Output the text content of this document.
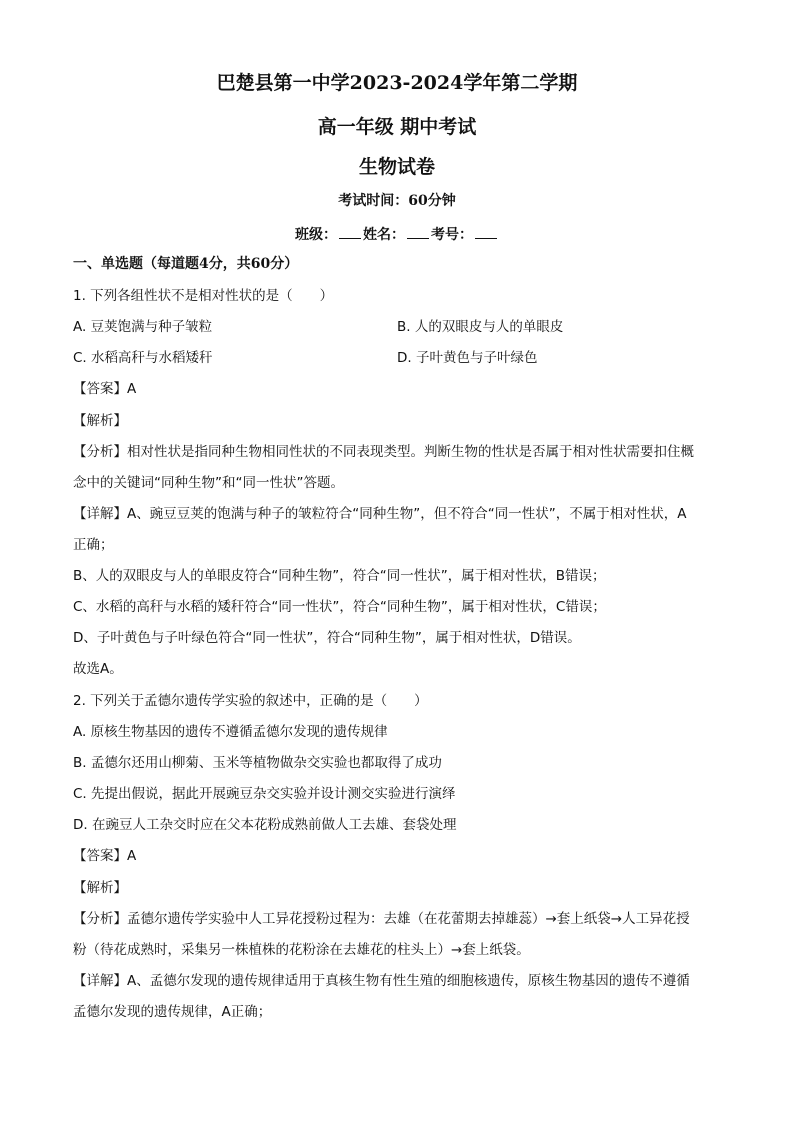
巴楚县第一中学2023-2024学年第二学期
高一年级 期中考试
生物试卷
考试时间：60分钟
班级： 姓名： 考号：
一、单选题（每道题4分，共60分）
1. 下列各组性状不是相对性状的是（　　）
A. 豆荚饱满与种子皱粒	B. 人的双眼皮与人的单眼皮
C. 水稻高秆与水稻矮秆	D. 子叶黄色与子叶绿色
【答案】A
【解析】
【分析】相对性状是指同种生物相同性状的不同表现类型。判断生物的性状是否属于相对性状需要扣住概
念中的关键词“同种生物”和“同一性状”答题。
【详解】A、豌豆豆荚的饱满与种子的皱粒符合“同种生物”，但不符合“同一性状”，不属于相对性状，A
正确；
B、人的双眼皮与人的单眼皮符合“同种生物”，符合“同一性状”，属于相对性状，B错误；
C、水稻的高秆与水稻的矮秆符合“同一性状”，符合“同种生物”，属于相对性状，C错误；
D、子叶黄色与子叶绿色符合“同一性状”，符合“同种生物”，属于相对性状，D错误。
故选A。
2. 下列关于孟德尔遗传学实验的叙述中，正确的是（　　）
A. 原核生物基因的遗传不遵循孟德尔发现的遗传规律
B. 孟德尔还用山柳菊、玉米等植物做杂交实验也都取得了成功
C. 先提出假说，据此开展豌豆杂交实验并设计测交实验进行演绎
D. 在豌豆人工杂交时应在父本花粉成熟前做人工去雄、套袋处理
【答案】A
【解析】
【分析】孟德尔遗传学实验中人工异花授粉过程为：去雄（在花蕾期去掉雄蕊）→套上纸袋→人工异花授
粉（待花成熟时，采集另一株植株的花粉涂在去雄花的柱头上）→套上纸袋。
【详解】A、孟德尔发现的遗传规律适用于真核生物有性生殖的细胞核遗传，原核生物基因的遗传不遵循
孟德尔发现的遗传规律，A正确；
